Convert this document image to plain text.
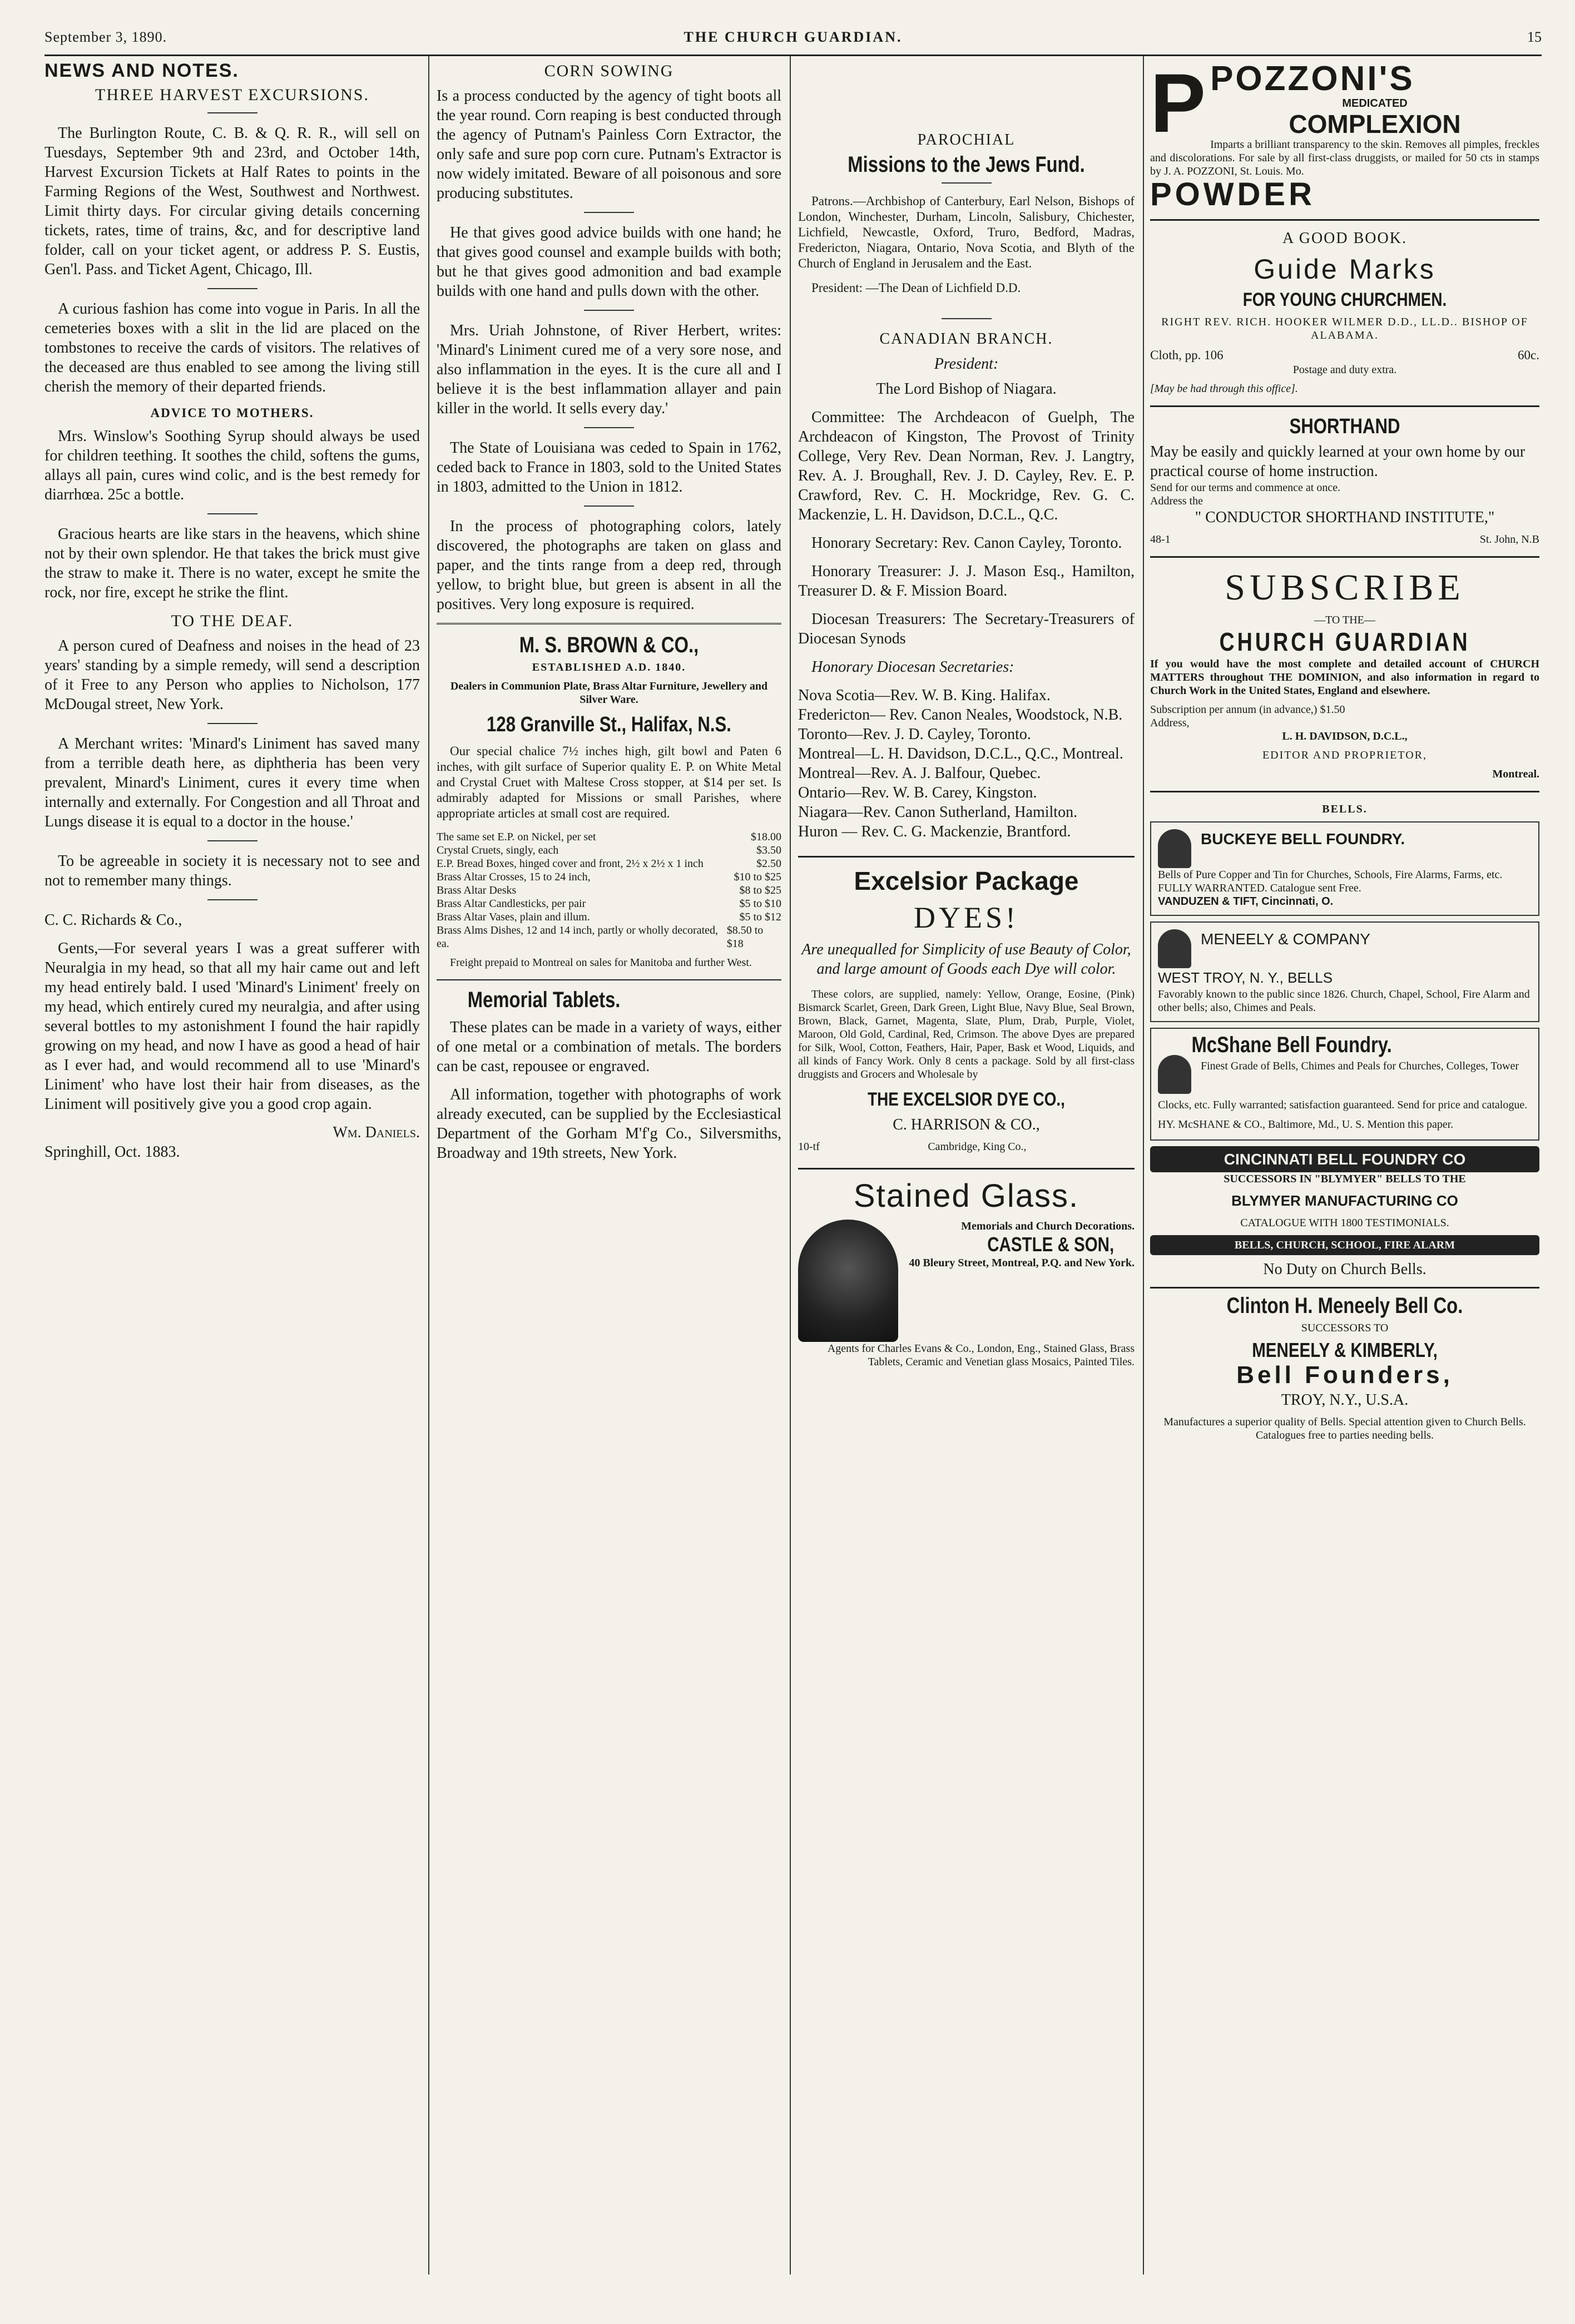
September 3, 1890.	THE CHURCH GUARDIAN.	15
NEWS AND NOTES.
THREE HARVEST EXCURSIONS.

The Burlington Route, C. B. & Q. R. R., will sell on Tuesdays, September 9th and 23rd, and October 14th, Harvest Excursion Tickets at Half Rates to points in the Farming Regions of the West, Southwest and Northwest. Limit thirty days. For circular giving details concerning tickets, rates, time of trains, &c, and for descriptive land folder, call on your ticket agent, or address P. S. Eustis, Gen'l. Pass. and Ticket Agent, Chicago, Ill.

A curious fashion has come into vogue in Paris. In all the cemeteries boxes with a slit in the lid are placed on the tombstones to receive the cards of visitors. The relatives of the deceased are thus enabled to see among the living still cherish the memory of their departed friends.

ADVICE TO MOTHERS.

Mrs. Winslow's Soothing Syrup should always be used for children teething. It soothes the child, softens the gums, allays all pain, cures wind colic, and is the best remedy for diarrhœa. 25c a bottle.

Gracious hearts are like stars in the heavens, which shine not by their own splendor. He that takes the brick must give the straw to make it. There is no water, except he smite the rock, nor fire, except he strike the flint.

TO THE DEAF.

A person cured of Deafness and noises in the head of 23 years' standing by a simple remedy, will send a description of it Free to any Person who applies to Nicholson, 177 McDougal street, New York.

A Merchant writes: 'Minard's Liniment has saved many from a terrible death here, as diphtheria has been very prevalent, Minard's Liniment, cures it every time when internally and externally. For Congestion and all Throat and Lungs disease it is equal to a doctor in the house.'

To be agreeable in society it is necessary not to see and not to remember many things.

C. C. Richards & Co.,

Gents,—For several years I was a great sufferer with Neuralgia in my head, so that all my hair came out and left my head entirely bald. I used 'Minard's Liniment' freely on my head, which entirely cured my neuralgia, and after using several bottles to my astonishment I found the hair rapidly growing on my head, and now I have as good a head of hair as I ever had, and would recommend all to use 'Minard's Liniment' who have lost their hair from diseases, as the Liniment will positively give you a good crop again.

Wm. Daniels.
Springhill, Oct. 1883.
CORN SOWING

Is a process conducted by the agency of tight boots all the year round. Corn reaping is best conducted through the agency of Putnam's Painless Corn Extractor, the only safe and sure pop corn cure. Putnam's Extractor is now widely imitated. Beware of all poisonous and sore producing substitutes.

He that gives good advice builds with one hand; he that gives good counsel and example builds with both; but he that gives good admonition and bad example builds with one hand and pulls down with the other.

Mrs. Uriah Johnstone, of River Herbert, writes: 'Minard's Liniment cured me of a very sore nose, and also inflammation in the eyes. It is the cure all and I believe it is the best inflammation allayer and pain killer in the world. It sells every day.'

The State of Louisiana was ceded to Spain in 1762, ceded back to France in 1803, sold to the United States in 1803, admitted to the Union in 1812.

In the process of photographing colors, lately discovered, the photographs are taken on glass and paper, and the tints range from a deep red, through yellow, to bright blue, but green is absent in all the positives. Very long exposure is required.

M. S. BROWN & CO.,
ESTABLISHED A.D. 1840.
Dealers in Communion Plate, Brass Altar Furniture, Jewellery and Silver Ware.
128 Granville St., Halifax, N.S.

Our special chalice 7½ inches high, gilt bowl and Paten 6 inches, with gilt surface of Superior quality E. P. on White Metal and Crystal Cruet with Maltese Cross stopper, at $14 per set. Is admirably adapted for Missions or small Parishes, where appropriate articles at small cost are required.

The same set E.P. on Nickel, per set	$18.00
Crystal Cruets, singly, each	$3.50
E.P. Bread Boxes, hinged cover and front, 2½ x 2½ x 1 inch	$2.50
Brass Altar Crosses, 15 to 24 inch,	$10 to $25
Brass Altar Desks	$8 to $25
Brass Altar Candlesticks, per pair	$5 to $10
Brass Altar Vases, plain and illum.	$5 to $12
Brass Alms Dishes, 12 and 14 inch, partly or wholly decorated, ea.
$8.50 to $18

Freight prepaid to Montreal on sales for Manitoba and further West.

Memorial Tablets.

These plates can be made in a variety of ways, either of one metal or a combination of metals. The borders can be cast, repousee or engraved.

All information, together with photographs of work already executed, can be supplied by the Ecclesiastical Department of the Gorham M'f'g Co., Silversmiths, Broadway and 19th streets, New York.

PAROCHIAL
Missions to the Jews Fund.

Patrons.—Archbishop of Canterbury, Earl Nelson, Bishops of London, Winchester, Durham, Lincoln, Salisbury, Chichester, Lichfield, Newcastle, Oxford, Truro, Bedford, Madras, Fredericton, Niagara, Ontario, Nova Scotia, and Blyth of the Church of England in Jerusalem and the East.

President: —The Dean of Lichfield D.D.

CANADIAN BRANCH.
President:

The Lord Bishop of Niagara.

Committee: The Archdeacon of Guelph, The Archdeacon of Kingston, The Provost of Trinity College, Very Rev. Dean Norman, Rev. J. Langtry, Rev. A. J. Broughall, Rev. J. D. Cayley, Rev. E. P. Crawford, Rev. C. H. Mockridge, Rev. G. C. Mackenzie, L. H. Davidson, D.C.L., Q.C.

Honorary Secretary: Rev. Canon Cayley, Toronto.

Honorary Treasurer: J. J. Mason Esq., Hamilton, Treasurer D. & F. Mission Board.

Diocesan Treasurers: The Secretary-Treasurers of Diocesan Synods

Honorary Diocesan Secretaries:

Nova Scotia—Rev. W. B. King. Halifax.
Fredericton— Rev. Canon Neales, Woodstock, N.B.
Toronto—Rev. J. D. Cayley, Toronto.
Montreal—L. H. Davidson, D.C.L., Q.C., Montreal.
Montreal—Rev. A. J. Balfour, Quebec.
Ontario—Rev. W. B. Carey, Kingston.
Niagara—Rev. Canon Sutherland, Hamilton.
Huron — Rev. C. G. Mackenzie, Brantford.
Excelsior Package
DYES!

Are unequalled for Simplicity of use Beauty of Color, and large amount of Goods each Dye will color.

These colors, are supplied, namely: Yellow, Orange, Eosine, (Pink) Bismarck Scarlet, Green, Dark Green, Light Blue, Navy Blue, Seal Brown, Brown, Black, Garnet, Magenta, Slate, Plum, Drab, Purple, Violet, Maroon, Old Gold, Cardinal, Red, Crimson. The above Dyes are prepared for Silk, Wool, Cotton, Feathers, Hair, Paper, Bask et Wood, Liquids, and all kinds of Fancy Work. Only 8 cents a package. Sold by all first-class druggists and Grocers and Wholesale by

THE EXCELSIOR DYE CO.,
C. HARRISON & CO.,
10-tf	Cambridge, King Co.,
Stained Glass.
Memorials and Church Decorations.
CASTLE & SON,
40 Bleury Street, Montreal, P.Q. and New York.

Agents for Charles Evans & Co., London, Eng., Stained Glass, Brass Tablets, Ceramic and Venetian glass Mosaics, Painted Tiles.

P POZZONI'S
MEDICATED
COMPLEXION
Imparts a brilliant transparency to the skin. Removes all pimples, freckles and discolorations. For sale by all first-class druggists, or mailed for 50 cts in stamps by J. A. POZZONI, St. Louis. Mo.
POWDER
A GOOD BOOK.
Guide Marks
FOR YOUNG CHURCHMEN.
RIGHT REV. RICH. HOOKER WILMER D.D., LL.D.. BISHOP OF ALABAMA.
Cloth, pp. 106	60c.
Postage and duty extra.
[May be had through this office].
SHORTHAND
May be easily and quickly learned at your own home by our practical course of home instruction.
Send for our terms and commence at once.
Address the
" CONDUCTOR SHORTHAND INSTITUTE,"
48-1	St. John, N.B
SUBSCRIBE
—TO THE—
CHURCH GUARDIAN
If you would have the most complete and detailed account of CHURCH MATTERS throughout THE DOMINION, and also information in regard to Church Work in the United States, England and elsewhere.
Subscription per annum (in advance,) $1.50
Address,
L. H. DAVIDSON, D.C.L.,
EDITOR AND PROPRIETOR,
Montreal.
BELLS.
BUCKEYE BELL FOUNDRY.
Bells of Pure Copper and Tin for Churches, Schools, Fire Alarms, Farms, etc. FULLY WARRANTED. Catalogue sent Free.
VANDUZEN & TIFT, Cincinnati, O.
MENEELY & COMPANY
WEST TROY, N. Y., BELLS
Favorably known to the public since 1826. Church, Chapel, School, Fire Alarm and other bells; also, Chimes and Peals.
McShane Bell Foundry.
Finest Grade of Bells, Chimes and Peals for Churches, Colleges, Tower Clocks, etc. Fully warranted; satisfaction guaranteed. Send for price and catalogue. HY. McSHANE & CO., Baltimore, Md., U. S. Mention this paper.
CINCINNATI BELL FOUNDRY CO
SUCCESSORS IN "BLYMYER" BELLS TO THE
BLYMYER MANUFACTURING CO
CATALOGUE WITH 1800 TESTIMONIALS.
BELLS, CHURCH, SCHOOL, FIRE ALARM
No Duty on Church Bells.
Clinton H. Meneely Bell Co.
SUCCESSORS TO
MENEELY & KIMBERLY,
Bell Founders,
TROY, N.Y., U.S.A.
Manufactures a superior quality of Bells. Special attention given to Church Bells. Catalogues free to parties needing bells.
